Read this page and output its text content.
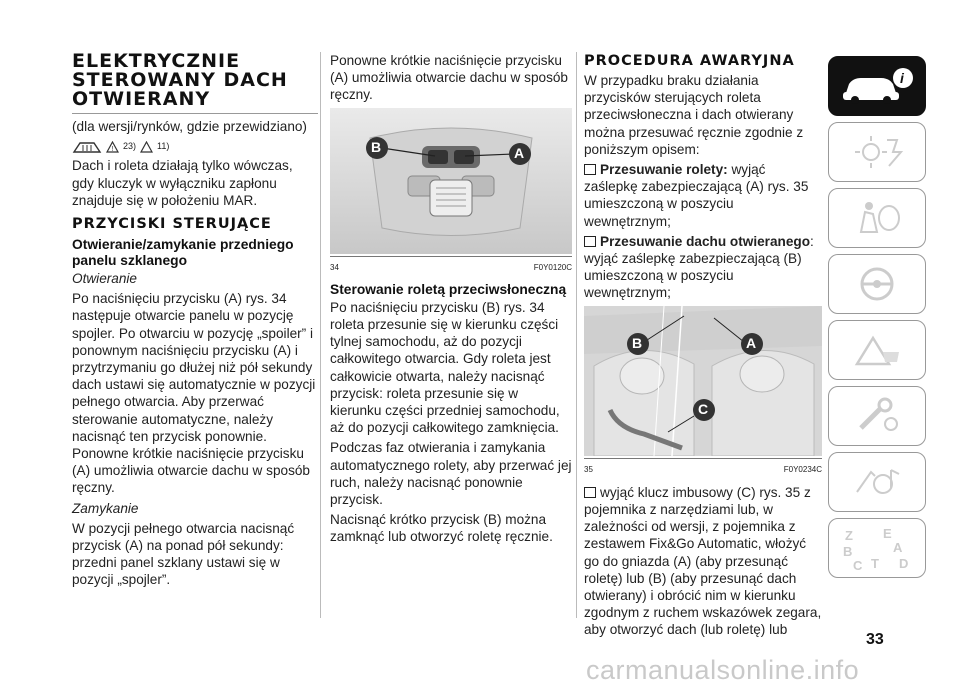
ELEKTRYCZNIE
STEROWANY DACH
OTWIERANY

(dla wersji/rynków, gdzie przewidziano)

! 23) 11)

Dach i roleta działają tylko wówczas, gdy kluczyk w wyłączniku zapłonu znajduje się w położeniu MAR.

PRZYCISKI STERUJĄCE
Otwieranie/zamykanie przedniego panelu szklanego

Otwieranie

Po naciśnięciu przycisku (A) rys. 34 następuje otwarcie panelu w pozycję spojler. Po otwarciu w pozycję „spoiler” i ponownym naciśnięciu przycisku (A) i przytrzymaniu go dłużej niż pół sekundy dach ustawi się automatycznie w pozycji pełnego otwarcia. Aby przerwać sterowanie automatyczne, należy nacisnąć ten przycisk ponownie. Ponowne krótkie naciśnięcie przycisku (A) umożliwia otwarcie dachu w sposób ręczny.

Zamykanie

W pozycji pełnego otwarcia nacisnąć przycisk (A) na ponad pół sekundy: przedni panel szklany ustawi się w pozycji „spojler”.

Ponowne krótkie naciśnięcie przycisku (A) umożliwia otwarcie dachu w sposób ręczny.

B	A
34	F0Y0120C
Sterowanie roletą przeciwsłoneczną

Po naciśnięciu przycisku (B) rys. 34 roleta przesunie się w kierunku części tylnej samochodu, aż do pozycji całkowitego otwarcia. Gdy roleta jest całkowicie otwarta, należy nacisnąć przycisk: roleta przesunie się w kierunku części przedniej samochodu, aż do pozycji całkowitego zamknięcia.

Podczas faz otwierania i zamykania automatycznego rolety, aby przerwać jej ruch, należy nacisnąć ponownie przycisk.

Nacisnąć krótko przycisk (B) można zamknąć lub otworzyć roletę ręcznie.

PROCEDURA AWARYJNA

W przypadku braku działania przycisków sterujących roleta przeciwsłoneczna i dach otwierany można przesuwać ręcznie zgodnie z poniższym opisem:

Przesuwanie rolety: wyjąć zaślepkę zabezpieczającą (A) rys. 35 umieszczoną w poszyciu wewnętrznym;

Przesuwanie dachu otwieranego: wyjąć zaślepkę zabezpieczającą (B) umieszczoną w poszyciu wewnętrznym;

B	A
C
35	F0Y0234C

wyjąć klucz imbusowy (C) rys. 35 z pojemnika z narzędziami lub, w zależności od wersji, z pojemnika z zestawem Fix&Go Automatic, włożyć go do gniazda (A) (aby przesunąć roletę) lub (B) (aby przesunąć dach otwierany) i obrócić nim w kierunku zgodnym z ruchem wskazówek zegara, aby otworzyć dach (lub roletę) lub

i
Z E
A
B
C T D
33
carmanualsonline.info
